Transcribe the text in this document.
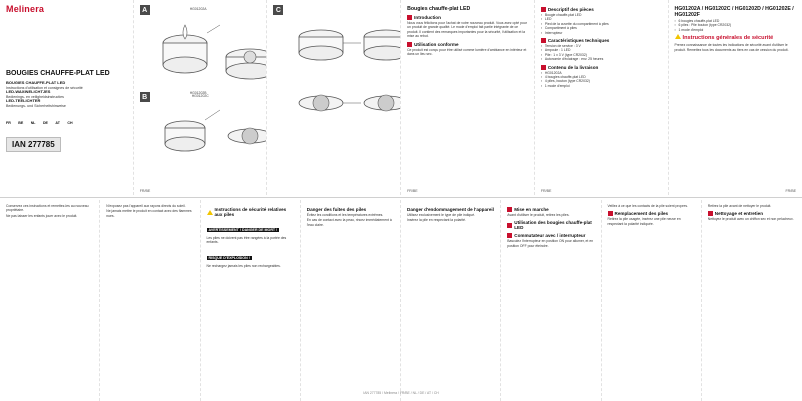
Melinera
BOUGIES CHAUFFE-PLAT LED
BOUGIES CHAUFFE-PLAT LED
Instructions d'utilisation et consignes de sécurité
LED-WAXINELICHTJES
Bedienings- en veiligheidsinstructies
LED-TEELICHTER
Bedienungs- und Sicherheitshinweise
FR BE NL DE AT CH
IAN 277785
A	HG01202A
HG01202B
B	HG01202C
FR/BE
C	Bougies chauffe-plat LED
Introduction
Nous vous félicitons pour l'achat de votre nouveau produit. Vous avez opté pour un produit de grande qualité. Le mode d'emploi fait partie intégrante de ce produit. Il contient des remarques importantes pour la sécurité, l'utilisation et la mise au rebut.
Utilisation conforme
Ce produit est conçu pour être utilisé comme lumière d'ambiance en intérieur et dans un lieu sec.
FR/BE
Descriptif des pièces
▪ Bougie chauffe-plat LED
▪ LED
▪ Pied de la cuvette du compartiment à piles
▪ Compartiment à piles
▪ Interrupteur
Caractéristiques techniques
▪ Tension de service : 3 V
▪ Ampoule : 1 LED
▪ Pile : 1 x 3 V (type CR2032)
▪ Autonomie d'éclairage : env. 25 heures
Contenu de la livraison
▪ HG01202A
▪ 4 bougies chauffe-plat LED
▪ 4 piles, bouton (type CR2032)
▪ 1 mode d'emploi
FR/BE
HG01202A / HG01202C / HG01202D / HG01202E / HG01202F
▪ 6 bougies chauffe-plat LED
▪ 6 piles : Pile bouton (type CR2032)
▪ 1 mode d'emploi
Instructions générales de sécurité
Prenez connaissance de toutes les indications de sécurité avant d'utiliser le produit. Remettez tous les documents au tiers en cas de cession du produit.
FR/BE
Conservez ces instructions et remettez-les au nouveau propriétaire.
Ne pas laisser les enfants jouer avec le produit.
N'exposez pas l'appareil aux rayons directs du soleil.
Ne jamais mettre le produit en contact avec des flammes nues.
Instructions de sécurité relatives aux piles
AVERTISSEMENT ! DANGER DE MORT !
Les piles ne doivent pas être rangées à la portée des enfants.
RISQUE D'EXPLOSION !
Ne rechargez jamais les piles non rechargeables.
Danger des fuites des piles
Évitez les conditions et les températures extrêmes.
En cas de contact avec la peau, rincez immédiatement à l'eau claire.
Danger d'endommagement de l'appareil
Utilisez exclusivement le type de pile indiqué.
Insérez la pile en respectant la polarité.
Mise en marche
Avant d'utiliser le produit, retirez les piles.
Utilisation des bougies chauffe-plat LED
Commutateur avec / interrupteur
Basculez l'interrupteur en position ON pour allumer, et en position OFF pour éteindre.
Veillez à ce que les contacts de la pile soient propres.
Remplacement des piles
Retirez la pile usagée, insérez une pile neuve en respectant la polarité indiquée.
Retirez la pile avant de nettoyer le produit.
Nettoyage et entretien
Nettoyez le produit avec un chiffon sec et non pelucheux.
IAN 277785 / Melinera / FR/BE / NL / DE / AT / CH
